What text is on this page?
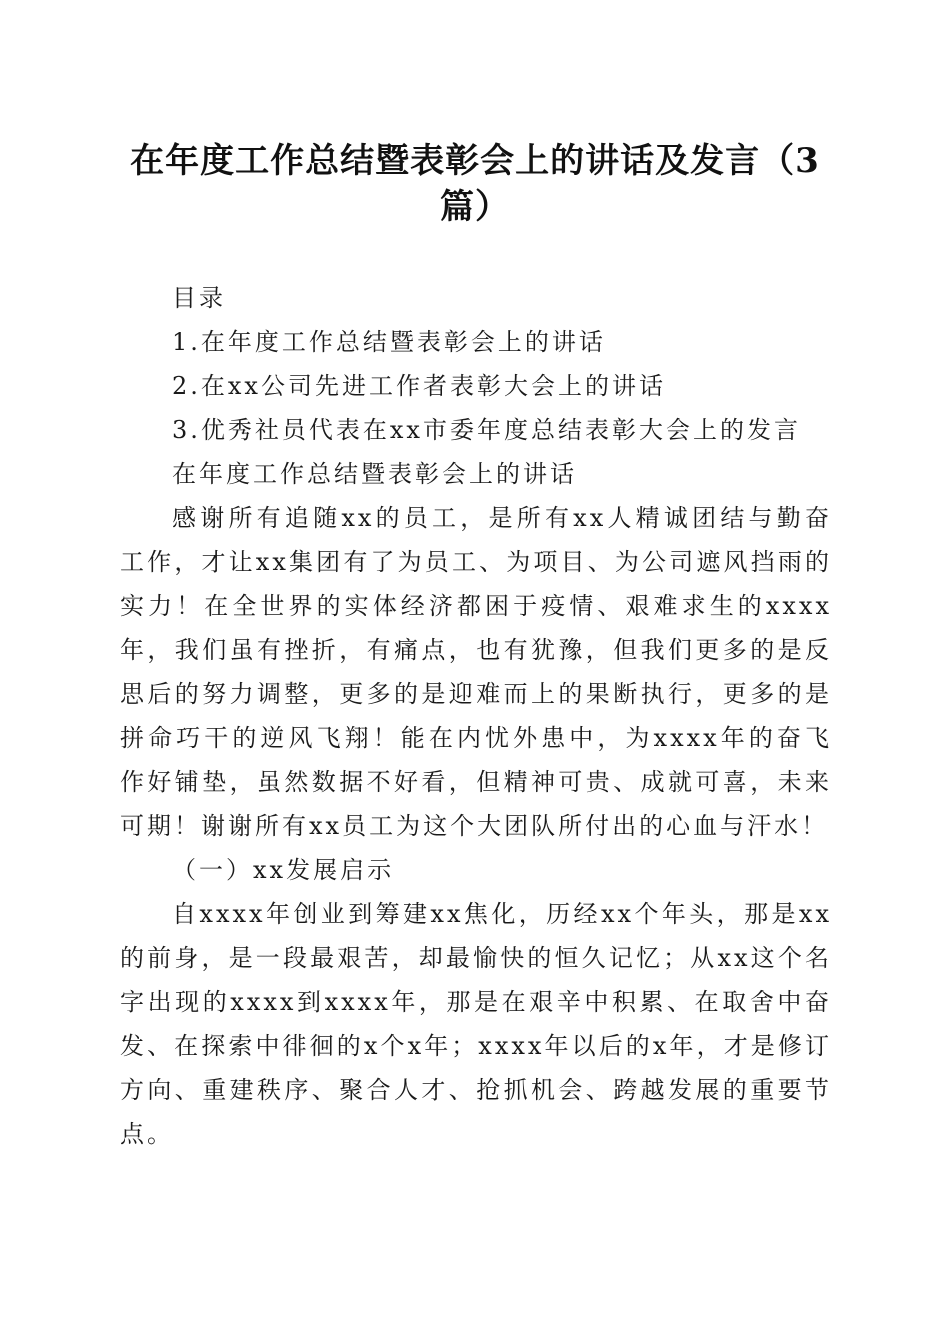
在年度工作总结暨表彰会上的讲话及发言（3篇）

目录

1.在年度工作总结暨表彰会上的讲话

2.在xx公司先进工作者表彰大会上的讲话

3.优秀社员代表在xx市委年度总结表彰大会上的发言

在年度工作总结暨表彰会上的讲话

感谢所有追随xx的员工，是所有xx人精诚团结与勤奋工作，才让xx集团有了为员工、为项目、为公司遮风挡雨的实力！在全世界的实体经济都困于疫情、艰难求生的xxxx年，我们虽有挫折，有痛点，也有犹豫，但我们更多的是反思后的努力调整，更多的是迎难而上的果断执行，更多的是拼命巧干的逆风飞翔！能在内忧外患中，为xxxx年的奋飞作好铺垫，虽然数据不好看，但精神可贵、成就可喜，未来可期！谢谢所有xx员工为这个大团队所付出的心血与汗水！

（一）xx发展启示

自xxxx年创业到筹建xx焦化，历经xx个年头，那是xx的前身，是一段最艰苦，却最愉快的恒久记忆；从xx这个名字出现的xxxx到xxxx年，那是在艰辛中积累、在取舍中奋发、在探索中徘徊的x个x年；xxxx年以后的x年，才是修订方向、重建秩序、聚合人才、抢抓机会、跨越发展的重要节点。
